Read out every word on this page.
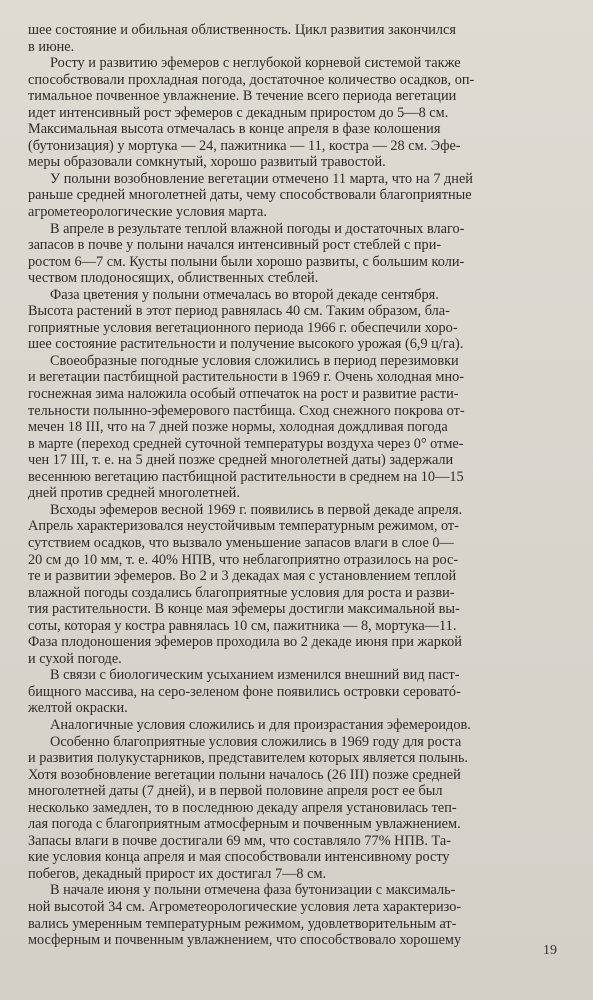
шее состояние и обильная облиственность. Цикл развития закончился
в июне.
Росту и развитию эфемеров с неглубокой корневой системой также
способствовали прохладная погода, достаточное количество осадков, оп-
тимальное почвенное увлажнение. В течение всего периода вегетации
идет интенсивный рост эфемеров с декадным приростом до 5—8 см.
Максимальная высота отмечалась в конце апреля в фазе колошения
(бутонизация) у мортука — 24, пажитника — 11, костра — 28 см. Эфе-
меры образовали сомкнутый, хорошо развитый травостой.
У полыни возобновление вегетации отмечено 11 марта, что на 7 дней
раньше средней многолетней даты, чему способствовали благоприятные
агрометеорологические условия марта.
В апреле в результате теплой влажной погоды и достаточных влаго-
запасов в почве у полыни начался интенсивный рост стеблей с при-
ростом 6—7 см. Кусты полыни были хорошо развиты, с большим коли-
чеством плодоносящих, облиственных стеблей.
Фаза цветения у полыни отмечалась во второй декаде сентября.
Высота растений в этот период равнялась 40 см. Таким образом, бла-
гоприятные условия вегетационного периода 1966 г. обеспечили хоро-
шее состояние растительности и получение высокого урожая (6,9 ц/га).
Своеобразные погодные условия сложились в период перезимовки
и вегетации пастбищной растительности в 1969 г. Очень холодная мно-
госнежная зима наложила особый отпечаток на рост и развитие расти-
тельности полынно-эфемерового пастбища. Сход снежного покрова от-
мечен 18 III, что на 7 дней позже нормы, холодная дождливая погода
в марте (переход средней суточной температуры воздуха через 0° отме-
чен 17 III, т. е. на 5 дней позже средней многолетней даты) задержали
весеннюю вегетацию пастбищной растительности в среднем на 10—15
дней против средней многолетней.
Всходы эфемеров весной 1969 г. появились в первой декаде апреля.
Апрель характеризовался неустойчивым температурным режимом, от-
сутствием осадков, что вызвало уменьшение запасов влаги в слое 0—
20 см до 10 мм, т. е. 40% НПВ, что неблагоприятно отразилось на рос-
те и развитии эфемеров. Во 2 и 3 декадах мая с установлением теплой
влажной погоды создались благоприятные условия для роста и разви-
тия растительности. В конце мая эфемеры достигли максимальной вы-
соты, которая у костра равнялась 10 см, пажитника — 8, мортука—11.
Фаза плодоношения эфемеров проходила во 2 декаде июня при жаркой
и сухой погоде.
В связи с биологическим усыханием изменился внешний вид паст-
бищного массива, на серо-зеленом фоне появились островки сероватó-
желтой окраски.
Аналогичные условия сложились и для произрастания эфемероидов.
Особенно благоприятные условия сложились в 1969 году для роста
и развития полукустарников, представителем которых является полынь.
Хотя возобновление вегетации полыни началось (26 III) позже средней
многолетней даты (7 дней), и в первой половине апреля рост ее был
несколько замедлен, то в последнюю декаду апреля установилась теп-
лая погода с благоприятным атмосферным и почвенным увлажнением.
Запасы влаги в почве достигали 69 мм, что составляло 77% НПВ. Та-
кие условия конца апреля и мая способствовали интенсивному росту
побегов, декадный прирост их достигал 7—8 см.
В начале июня у полыни отмечена фаза бутонизации с максималь-
ной высотой 34 см. Агрометеорологические условия лета характеризо-
вались умеренным температурным режимом, удовлетворительным ат-
мосферным и почвенным увлажнением, что способствовало хорошему
19
